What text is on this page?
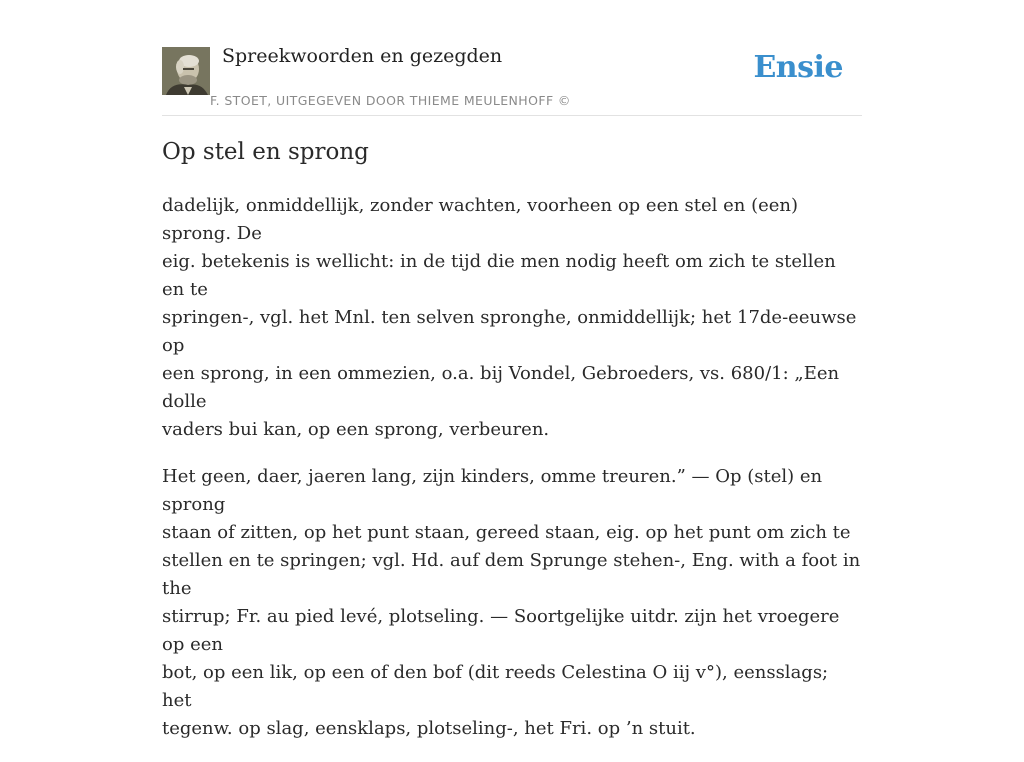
Spreekwoorden en gezegden
F. STOET, UITGEGEVEN DOOR THIEME MEULENHOFF ©
Ensie
Op stel en sprong

dadelijk, onmiddellijk, zonder wachten, voorheen op een stel en (een) sprong. De
eig. betekenis is wellicht: in de tijd die men nodig heeft om zich te stellen en te
springen-, vgl. het Mnl. ten selven spronghe, onmiddellijk; het 17de-eeuwse op
een sprong, in een ommezien, o.a. bij Vondel, Gebroeders, vs. 680/1: „Een dolle
vaders bui kan, op een sprong, verbeuren.

Het geen, daer, jaeren lang, zijn kinders, omme treuren.” — Op (stel) en sprong
staan of zitten, op het punt staan, gereed staan, eig. op het punt om zich te
stellen en te springen; vgl. Hd. auf dem Sprunge stehen-, Eng. with a foot in the
stirrup; Fr. au pied levé, plotseling. — Soortgelijke uitdr. zijn het vroegere op een
bot, op een lik, op een of den bof (dit reeds Celestina O iij v°), eensslags; het
tegenw. op slag, eensklaps, plotseling-, het Fri. op ’n stuit.
